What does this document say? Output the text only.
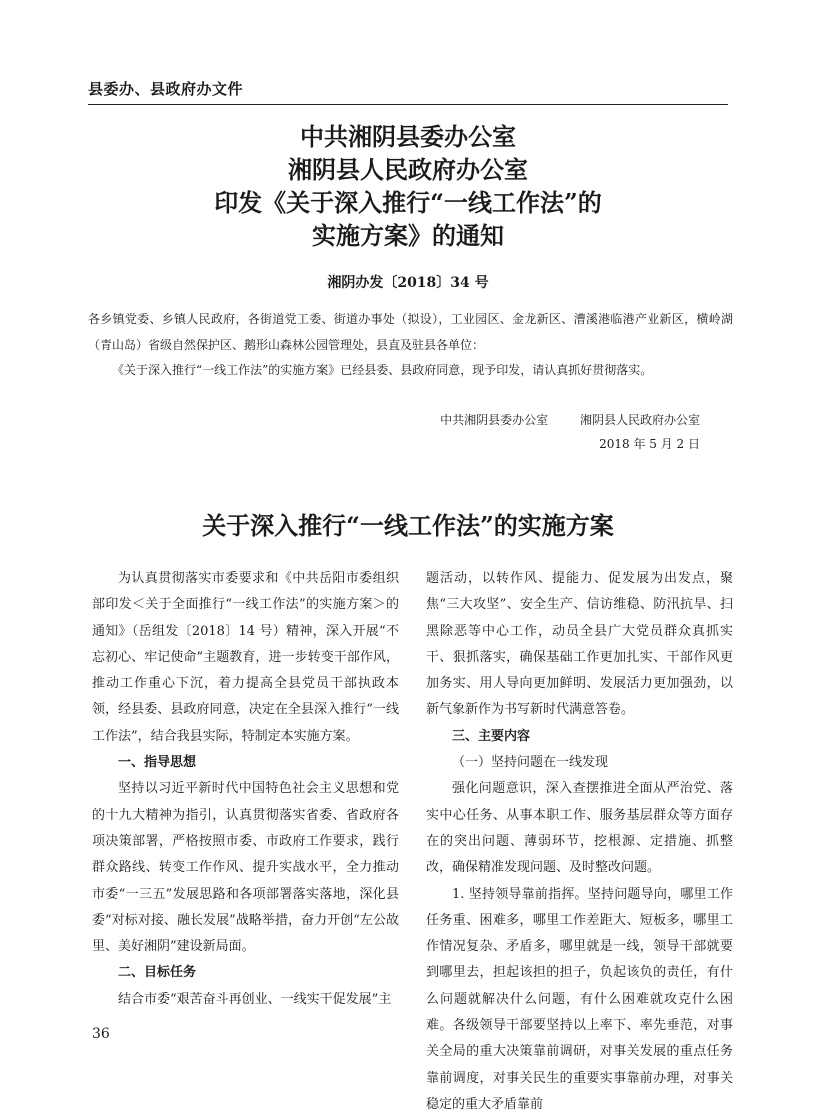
县委办、县政府办文件
中共湘阴县委办公室
湘阴县人民政府办公室
印发《关于深入推行“一线工作法”的
实施方案》的通知
湘阴办发〔2018〕34 号
各乡镇党委、乡镇人民政府，各街道党工委、街道办事处（拟设），工业园区、金龙新区、漕溪港临港产业新区，横岭湖（青山岛）省级自然保护区、鹅形山森林公园管理处，县直及驻县各单位：
《关于深入推行“一线工作法”的实施方案》已经县委、县政府同意，现予印发，请认真抓好贯彻落实。
中共湘阴县委办公室	湘阴县人民政府办公室
2018 年 5 月 2 日
关于深入推行“一线工作法”的实施方案

为认真贯彻落实市委要求和《中共岳阳市委组织部印发＜关于全面推行“一线工作法”的实施方案＞的通知》（岳组发〔2018〕14 号）精神，深入开展“不忘初心、牢记使命”主题教育，进一步转变干部作风，推动工作重心下沉，着力提高全县党员干部执政本领，经县委、县政府同意，决定在全县深入推行“一线工作法”，结合我县实际，特制定本实施方案。

一、指导思想

坚持以习近平新时代中国特色社会主义思想和党的十九大精神为指引，认真贯彻落实省委、省政府各项决策部署，严格按照市委、市政府工作要求，践行群众路线、转变工作作风、提升实战水平，全力推动市委“一三五”发展思路和各项部署落实落地，深化县委“对标对接、融长发展”战略举措，奋力开创“左公故里、美好湘阴”建设新局面。

二、目标任务

结合市委“艰苦奋斗再创业、一线实干促发展”主

题活动，以转作风、提能力、促发展为出发点，聚焦“三大攻坚”、安全生产、信访维稳、防汛抗旱、扫黑除恶等中心工作，动员全县广大党员群众真抓实干、狠抓落实，确保基础工作更加扎实、干部作风更加务实、用人导向更加鲜明、发展活力更加强劲，以新气象新作为书写新时代满意答卷。

三、主要内容

（一）坚持问题在一线发现

强化问题意识，深入查摆推进全面从严治党、落实中心任务、从事本职工作、服务基层群众等方面存在的突出问题、薄弱环节，挖根源、定措施、抓整改，确保精准发现问题、及时整改问题。

1. 坚持领导靠前指挥。坚持问题导向，哪里工作任务重、困难多，哪里工作差距大、短板多，哪里工作情况复杂、矛盾多，哪里就是一线，领导干部就要到哪里去，担起该担的担子，负起该负的责任，有什么问题就解决什么问题，有什么困难就攻克什么困难。各级领导干部要坚持以上率下、率先垂范，对事关全局的重大决策靠前调研，对事关发展的重点任务靠前调度，对事关民生的重要实事靠前办理，对事关稳定的重大矛盾靠前

36
